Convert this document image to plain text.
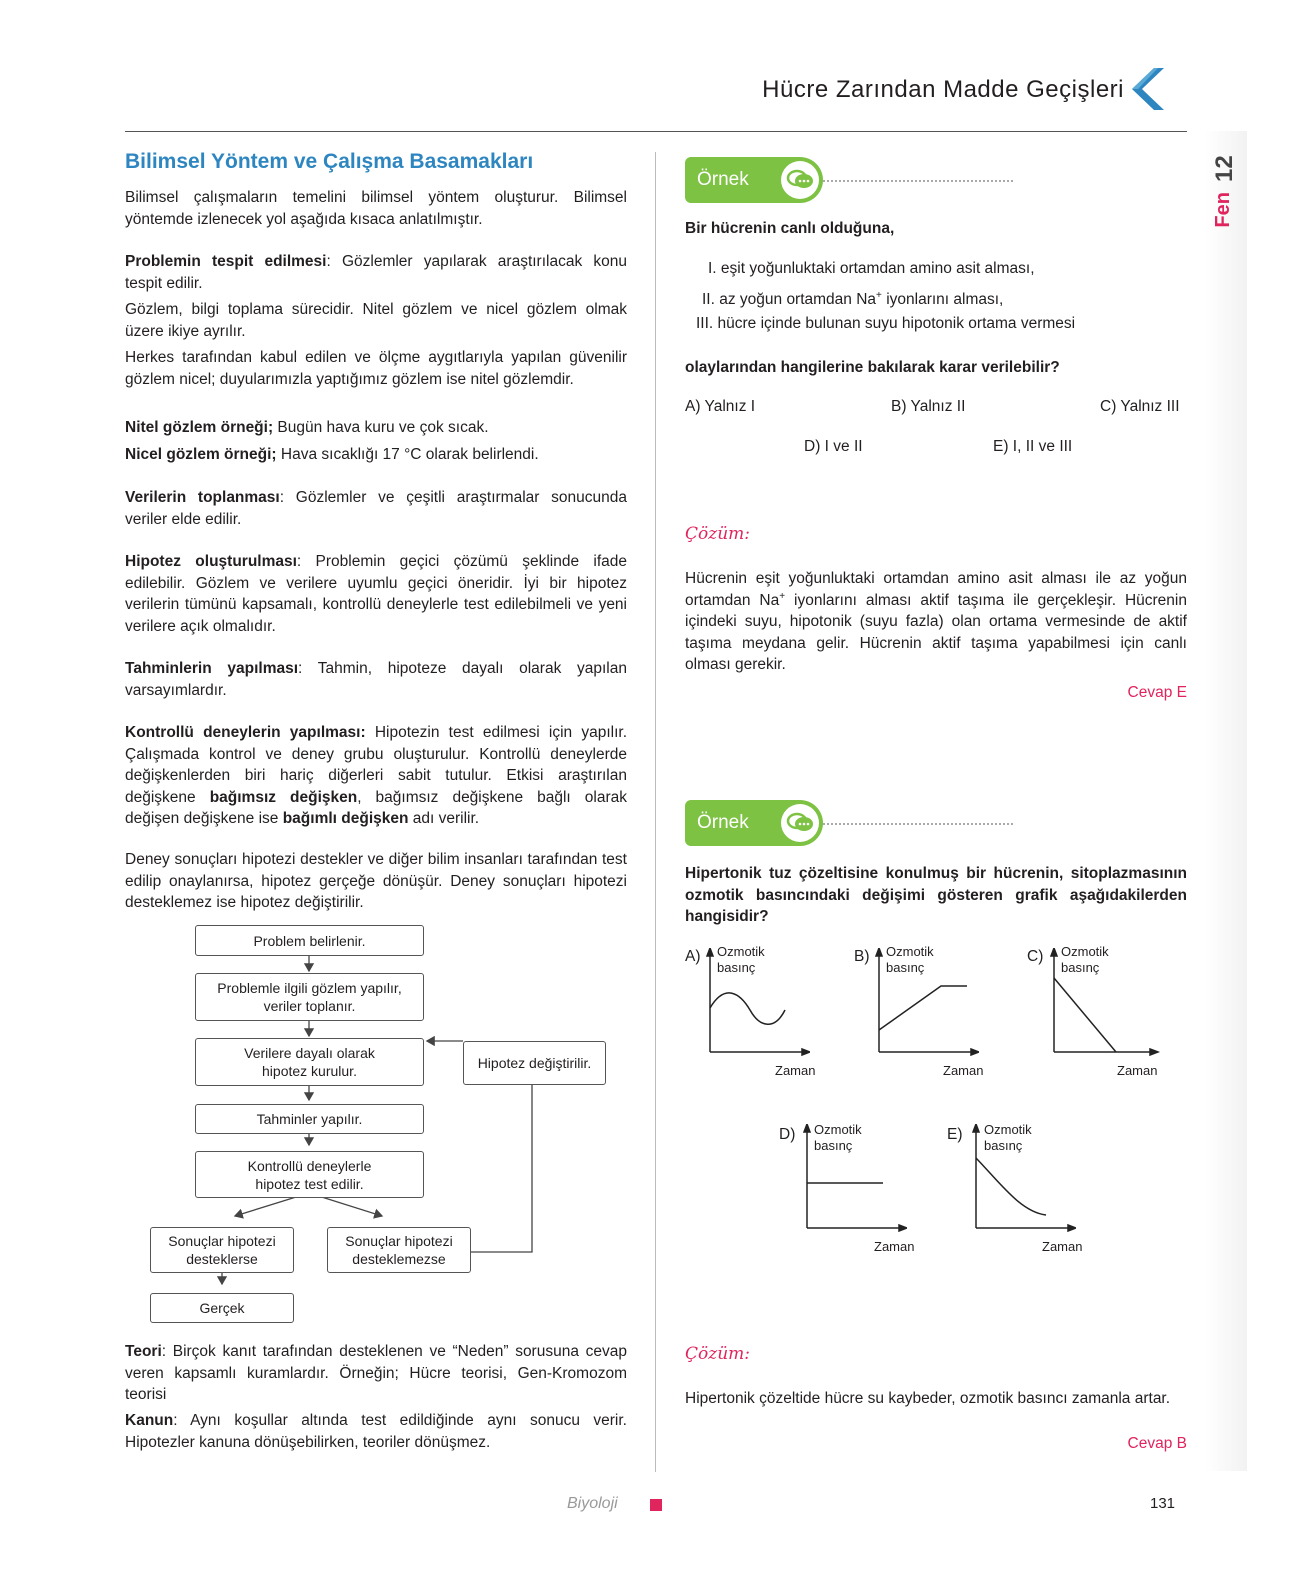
Hücre Zarından Madde Geçişleri
12
Fen
Bilimsel Yöntem ve Çalışma Basamakları
Bilimsel çalışmaların temelini bilimsel yöntem oluşturur. Bilimsel yöntemde izlenecek yol aşağıda kısaca anlatılmıştır.
Problemin tespit edilmesi: Gözlemler yapılarak araştırılacak konu tespit edilir.
Gözlem, bilgi toplama sürecidir. Nitel gözlem ve nicel gözlem olmak üzere ikiye ayrılır.
Herkes tarafından kabul edilen ve ölçme aygıtlarıyla yapılan güvenilir gözlem nicel; duyularımızla yaptığımız gözlem ise nitel gözlemdir.
Nitel gözlem örneği; Bugün hava kuru ve çok sıcak.
Nicel gözlem örneği; Hava sıcaklığı 17 °C olarak belirlendi.
Verilerin toplanması: Gözlemler ve çeşitli araştırmalar sonucunda veriler elde edilir.
Hipotez oluşturulması: Problemin geçici çözümü şeklinde ifade edilebilir. Gözlem ve verilere uyumlu geçici öneridir. İyi bir hipotez verilerin tümünü kapsamalı, kontrollü deneylerle test edilebilmeli ve yeni verilere açık olmalıdır.
Tahminlerin yapılması: Tahmin, hipoteze dayalı olarak yapılan varsayımlardır.
Kontrollü deneylerin yapılması: Hipotezin test edilmesi için yapılır. Çalışmada kontrol ve deney grubu oluşturulur. Kontrollü deneylerde değişkenlerden biri hariç diğerleri sabit tutulur. Etkisi araştırılan değişkene bağımsız değişken, bağımsız değişkene bağlı olarak değişen değişkene ise bağımlı değişken adı verilir.
Deney sonuçları hipotezi destekler ve diğer bilim insanları tarafından test edilip onaylanırsa, hipotez gerçeğe dönüşür. Deney sonuçları hipotezi desteklemez ise hipotez değiştirilir.
Problem belirlenir.
Problemle ilgili gözlem yapılır, veriler toplanır.
Verilere dayalı olarak hipotez kurulur.	Hipotez değiştirilir.
Tahminler yapılır.
Kontrollü deneylerle hipotez test edilir.
Sonuçlar hipotezi desteklerse
Sonuçlar hipotezi desteklemezse
Gerçek
Teori: Birçok kanıt tarafından desteklenen ve “Neden” sorusuna cevap veren kapsamlı kuramlardır. Örneğin; Hücre teorisi, Gen-Kromozom teorisi
Kanun: Aynı koşullar altında test edildiğinde aynı sonucu verir. Hipotezler kanuna dönüşebilirken, teoriler dönüşmez.
Örnek
Bir hücrenin canlı olduğuna,
I. eşit yoğunluktaki ortamdan amino asit alması,
II. az yoğun ortamdan Na+ iyonlarını alması,
III. hücre içinde bulunan suyu hipotonik ortama vermesi
olaylarından hangilerine bakılarak karar verilebilir?
A) Yalnız I	B) Yalnız II	C) Yalnız III
D) I ve II	E) I, II ve III
Çözüm:
Hücrenin eşit yoğunluktaki ortamdan amino asit alması ile az yoğun ortamdan Na+ iyonlarını alması aktif taşıma ile gerçekleşir. Hücrenin içindeki suyu, hipotonik (suyu fazla) olan ortama vermesinde de aktif taşıma meydana gelir. Hücrenin aktif taşıma yapabilmesi için canlı olması gerekir.
Cevap E
Örnek
Hipertonik tuz çözeltisine konulmuş bir hücrenin, sitoplazmasının ozmotik basıncındaki değişimi gösteren grafik aşağıdakilerden hangisidir?
A) Ozmotik
basınç
Zaman
B) Ozmotik
basınç
Zaman
C) Ozmotik
basınç
Zaman
D) Ozmotik
basınç
Zaman
E) Ozmotik
basınç
Zaman
Çözüm:
Hipertonik çözeltide hücre su kaybeder, ozmotik basıncı zamanla artar.
Cevap B
Biyoloji	131
